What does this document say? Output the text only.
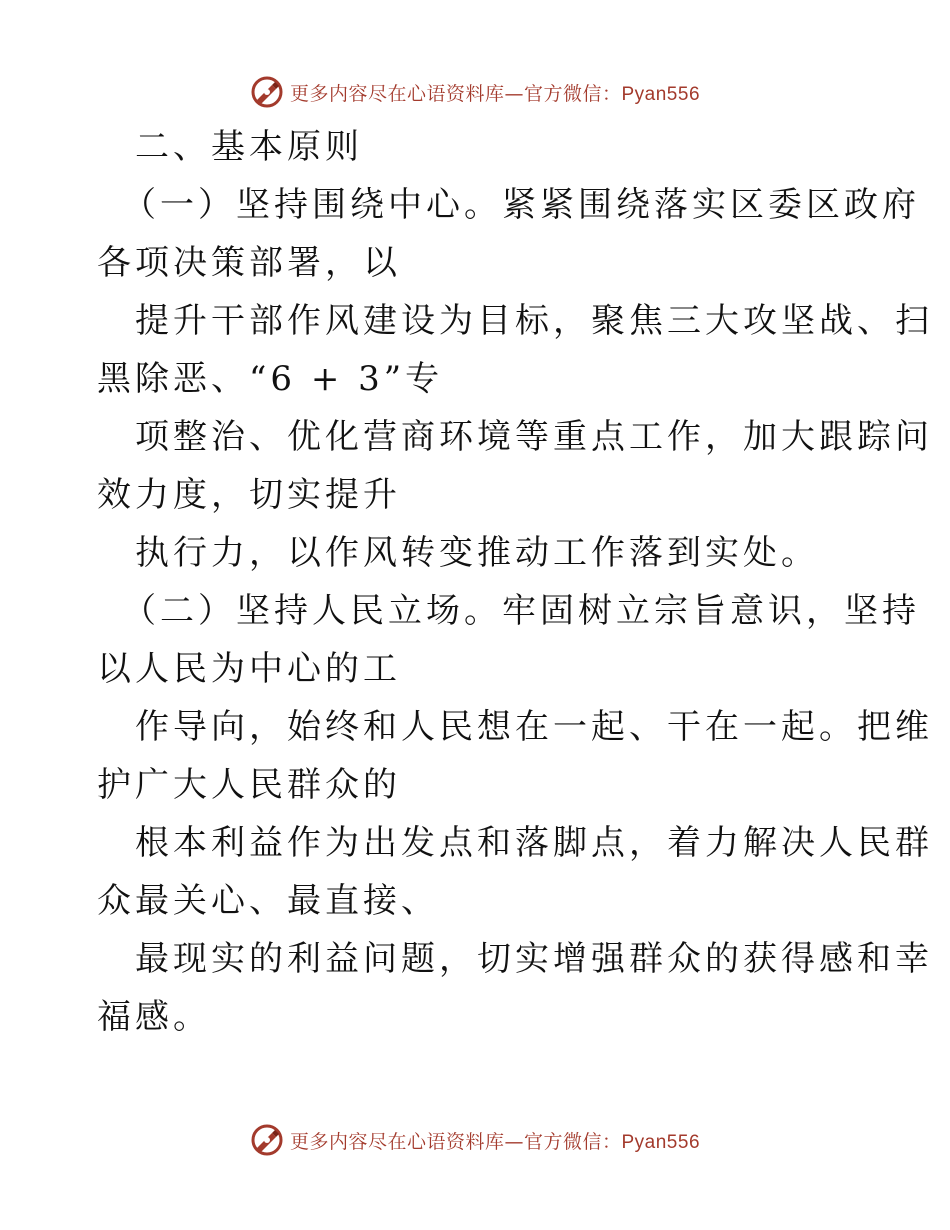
更多内容尽在心语资料库—官方微信：Pyan556
二、基本原则
（一）坚持围绕中心。紧紧围绕落实区委区政府
各项决策部署，以
提升干部作风建设为目标，聚焦三大攻坚战、扫
黑除恶、“6 + 3”专
项整治、优化营商环境等重点工作，加大跟踪问
效力度，切实提升
执行力，以作风转变推动工作落到实处。
（二）坚持人民立场。牢固树立宗旨意识，坚持
以人民为中心的工
作导向，始终和人民想在一起、干在一起。把维
护广大人民群众的
根本利益作为出发点和落脚点，着力解决人民群
众最关心、最直接、
最现实的利益问题，切实增强群众的获得感和幸
福感。
更多内容尽在心语资料库—官方微信：Pyan556
